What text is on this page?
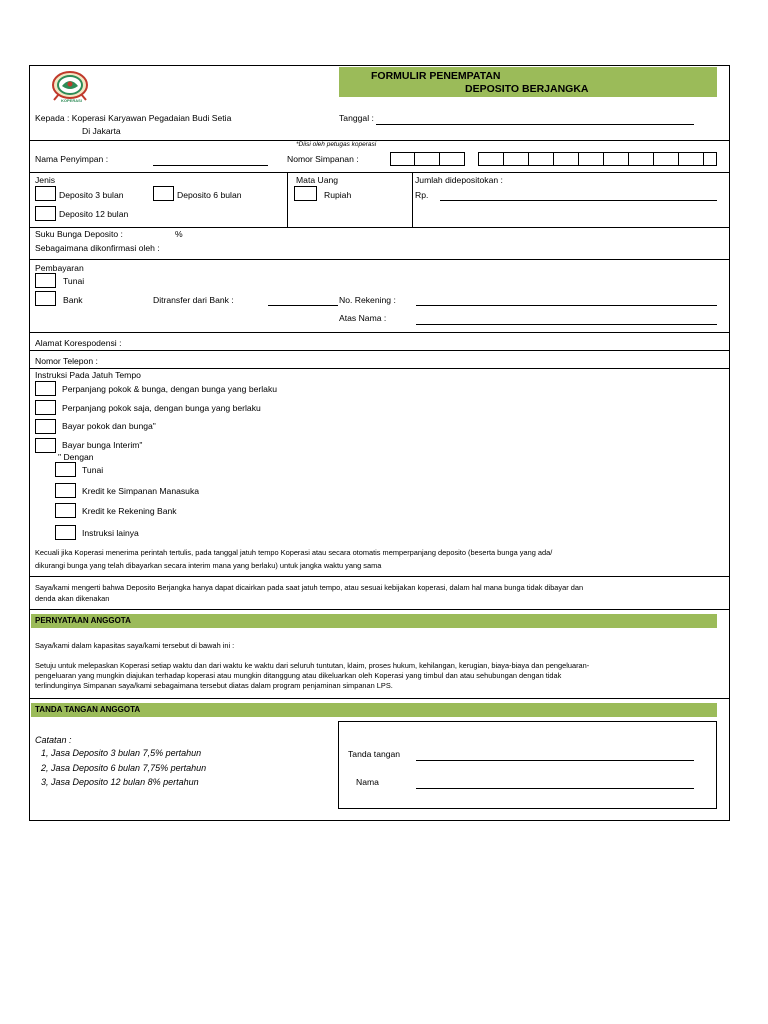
KOPERASI
FORMULIR PENEMPATAN
DEPOSITO BERJANGKA
Kepada : Koperasi Karyawan Pegadaian Budi Setia
Di Jakarta
Tanggal :
*Diisi oleh petugas koperasi
Nama Penyimpan :	Nomor Simpanan :
Jenis
Deposito 3 bulan	Deposito 6 bulan
Deposito 12 bulan
Mata Uang
Rupiah
Jumlah didepositokan :
Rp.
Suku Bunga Deposito :	%
Sebagaimana dikonfirmasi oleh :
Pembayaran
Tunai
Bank	Ditransfer dari Bank :	No. Rekening :
Atas Nama :
Alamat Korespodensi :
Nomor Telepon :
Instruksi Pada Jatuh Tempo
Perpanjang pokok & bunga, dengan bunga yang berlaku
Perpanjang pokok saja, dengan bunga yang berlaku
Bayar pokok dan bunga"
Bayar bunga Interim"
" Dengan
Tunai
Kredit ke Simpanan Manasuka
Kredit ke Rekening Bank
Instruksi lainya
Kecuali jika Koperasi menerima perintah tertulis, pada tanggal jatuh tempo Koperasi atau secara otomatis memperpanjang deposito (beserta bunga yang ada/
dikurangi bunga yang telah dibayarkan secara interim mana yang berlaku) untuk jangka waktu yang sama
Saya/kami mengerti bahwa Deposito Berjangka hanya dapat dicairkan pada saat jatuh tempo, atau sesuai kebijakan koperasi, dalam hal mana bunga tidak dibayar dan
denda akan dikenakan
PERNYATAAN ANGGOTA
Saya/kami dalam kapasitas saya/kami tersebut di bawah ini :
Setuju untuk melepaskan Koperasi setiap waktu dan dari waktu ke waktu dari seluruh tuntutan, klaim, proses hukum, kehilangan, kerugian, biaya-biaya dan pengeluaran-
pengeluaran yang mungkin diajukan terhadap koperasi atau mungkin ditanggung atau dikeluarkan oleh Koperasi yang timbul dan atau sehubungan dengan tidak
terlindunginya Simpanan saya/kami sebagaimana tersebut diatas dalam program penjaminan simpanan LPS.
TANDA TANGAN ANGGOTA
Catatan :
1, Jasa Deposito 3 bulan 7,5% pertahun
2, Jasa Deposito 6 bulan 7,75% pertahun
3, Jasa Deposito 12 bulan 8% pertahun
Tanda tangan
Nama
